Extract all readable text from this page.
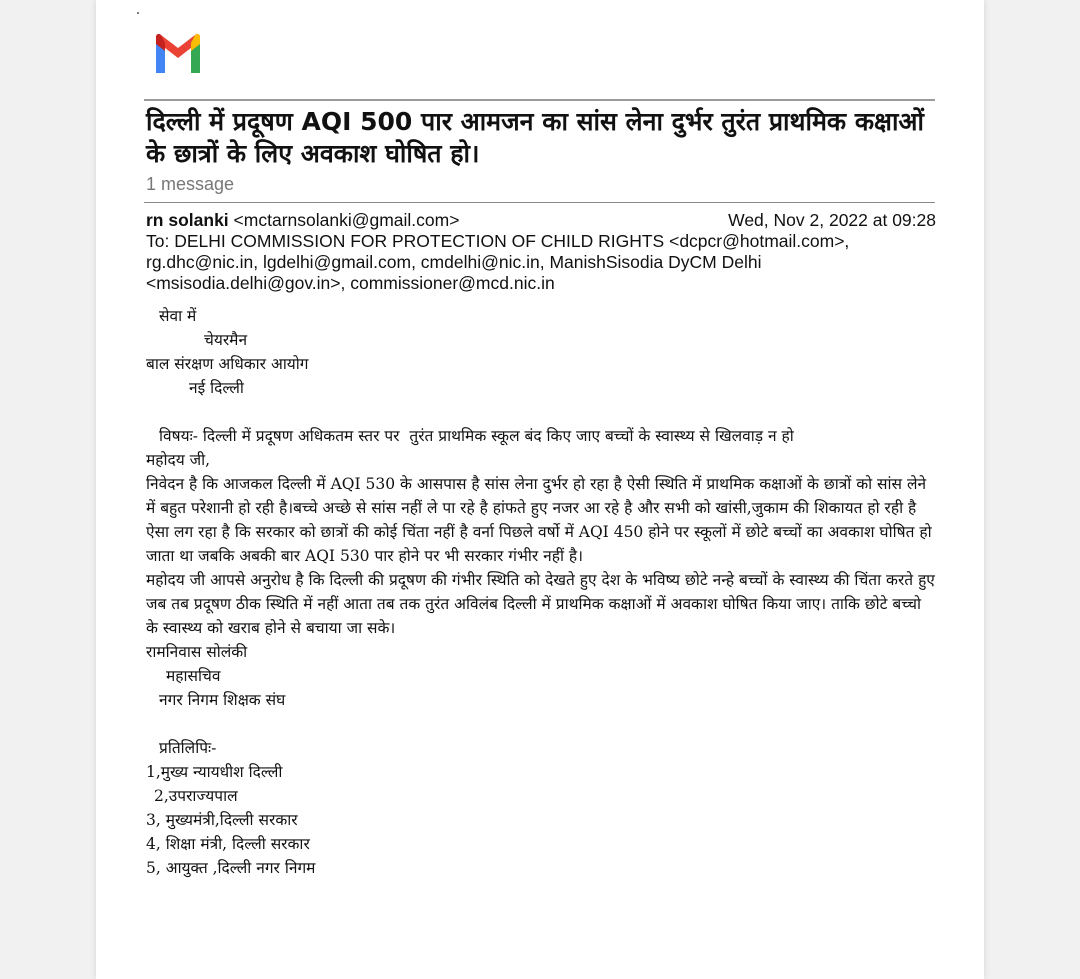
दिल्ली में प्रदूषण AQI 500 पार आमजन का सांस लेना दुर्भर तुरंत प्राथमिक कक्षाओं के छात्रों के लिए अवकाश घोषित हो।
1 message
rn solanki <mctarnsolanki@gmail.com>	Wed, Nov 2, 2022 at 09:28
To: DELHI COMMISSION FOR PROTECTION OF CHILD RIGHTS <dcpcr@hotmail.com>, rg.dhc@nic.in, lgdelhi@gmail.com, cmdelhi@nic.in, ManishSisodia DyCM Delhi <msisodia.delhi@gov.in>, commissioner@mcd.nic.in

सेवा में

चेयरमैन

बाल संरक्षण अधिकार आयोग

नई दिल्ली

विषयः- दिल्ली में प्रदूषण अधिकतम स्तर पर  तुरंत प्राथमिक स्कूल बंद किए जाए बच्चों के स्वास्थ्य से खिलवाड़ न हो

महोदय जी,

निवेदन है कि आजकल दिल्ली में AQI 530 के आसपास है सांस लेना दुर्भर हो रहा है ऐसी स्थिति में प्राथमिक कक्षाओं के छात्रों को सांस लेने में बहुत परेशानी हो रही है।बच्चे अच्छे से सांस नहीं ले पा रहे है हांफते हुए नजर आ रहे है और सभी को खांसी,जुकाम की शिकायत हो रही है ऐसा लग रहा है कि सरकार को छात्रों की कोई चिंता नहीं है वर्ना पिछले वर्षो में AQI 450 होने पर स्कूलों में छोटे बच्चों का अवकाश घोषित हो जाता था जबकि अबकी बार AQI 530 पार होने पर भी सरकार गंभीर नहीं है।

महोदय जी आपसे अनुरोध है कि दिल्ली की प्रदूषण की गंभीर स्थिति को देखते हुए देश के भविष्य छोटे नन्हे बच्चों के स्वास्थ्य की चिंता करते हुए जब तब प्रदूषण ठीक स्थिति में नहीं आता तब तक तुरंत अविलंब दिल्ली में प्राथमिक कक्षाओं में अवकाश घोषित किया जाए। ताकि छोटे बच्चो के स्वास्थ्य को खराब होने से बचाया जा सके।

रामनिवास सोलंकी

महासचिव

नगर निगम शिक्षक संघ

प्रतिलिपिः-

1,मुख्य न्यायधीश दिल्ली

2,उपराज्यपाल

3, मुख्यमंत्री,दिल्ली सरकार

4, शिक्षा मंत्री, दिल्ली सरकार

5, आयुक्त ,दिल्ली नगर निगम
